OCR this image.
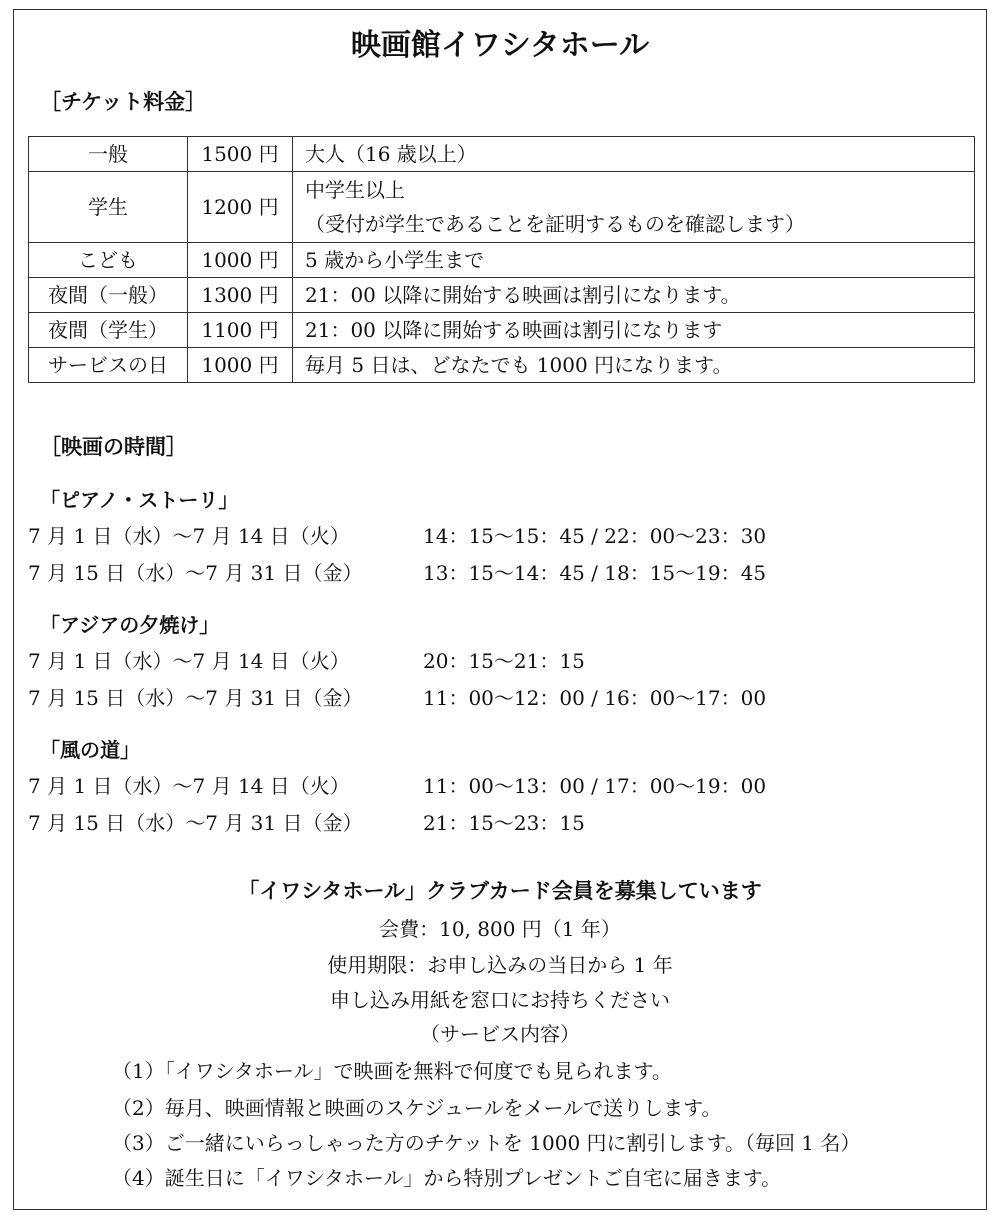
映画館イワシタホール
［チケット料金］
一般	1500 円	大人（16 歳以上）
学生	1200 円	中学生以上
（受付が学生であることを証明するものを確認します）

こども	1000 円	5 歳から小学生まで
夜間（一般）	1300 円	21：00 以降に開始する映画は割引になります。
夜間（学生）	1100 円	21：00 以降に開始する映画は割引になります
サービスの日	1000 円	毎月 5 日は、どなたでも 1000 円になります。
［映画の時間］
「ピアノ・ストーリ」
7 月 1 日（水）～7 月 14 日（火）	14：15～15：45 / 22：00～23：30
7 月 15 日（水）～7 月 31 日（金）	13：15～14：45 / 18：15～19：45
「アジアの夕焼け」
7 月 1 日（水）～7 月 14 日（火）	20：15～21：15
7 月 15 日（水）～7 月 31 日（金）	11：00～12：00 / 16：00～17：00
「風の道」
7 月 1 日（水）～7 月 14 日（火）	11：00～13：00 / 17：00～19：00
7 月 15 日（水）～7 月 31 日（金）	21：15～23：15
「イワシタホール」クラブカード会員を募集しています
会費：10, 800 円（1 年）
使用期限：お申し込みの当日から 1 年
申し込み用紙を窓口にお持ちください
（サービス内容）
（1）「イワシタホール」で映画を無料で何度でも見られます。
（2）毎月、映画情報と映画のスケジュールをメールで送りします。
（3）ご一緒にいらっしゃった方のチケットを 1000 円に割引します。（毎回 1 名）
（4）誕生日に「イワシタホール」から特別プレゼントご自宅に届きます。
